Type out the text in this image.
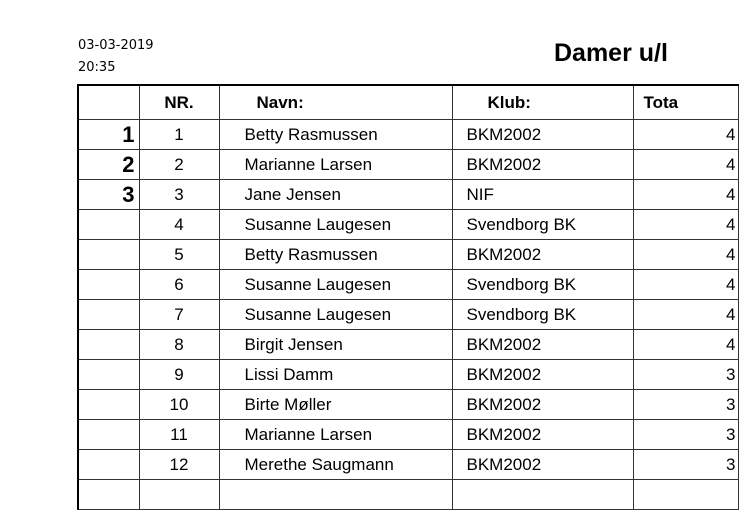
03-03-2019
20:35
Damer u/l
	NR.	Navn:	Klub:	Tota
1	1	Betty Rasmussen	BKM2002	4
2	2	Marianne Larsen	BKM2002	4
3	3	Jane Jensen	NIF	4
	4	Susanne Laugesen	Svendborg BK	4
	5	Betty Rasmussen	BKM2002	4
	6	Susanne Laugesen	Svendborg BK	4
	7	Susanne Laugesen	Svendborg BK	4
	8	Birgit Jensen	BKM2002	4
	9	Lissi Damm	BKM2002	3
	10	Birte Møller	BKM2002	3
	11	Marianne Larsen	BKM2002	3
	12	Merethe Saugmann	BKM2002	3
